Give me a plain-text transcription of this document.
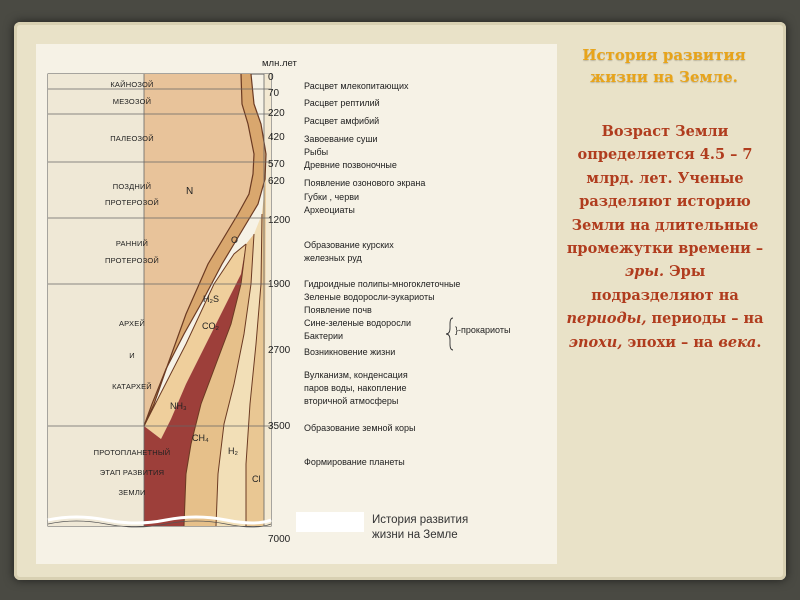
млн.лет
КАЙНОЗОЙ
МЕЗОЗОЙ
ПАЛЕОЗОЙ
ПОЗДНИЙ
ПРОТЕРОЗОЙ
РАННИЙ
ПРОТЕРОЗОЙ
АРХЕЙ
И
КАТАРХЕЙ
ПРОТОПЛАНЕТНЫЙ
ЭТАП РАЗВИТИЯ
ЗЕМЛИ
0
70
220
420
570
620
1200
1900
2700
3500
7000
Расцвет млекопитающих
Расцвет рептилий
Расцвет амфибий
Завоевание суши
Рыбы
Древние позвоночные
Появление озонового экрана
Губки , черви
Археоциаты
Образование курских
железных руд
Гидроидные полипы-многоклеточные
Зеленые водоросли-эукариоты
Появление почв
Сине-зеленые водоросли
Бактерии
Возникновение жизни
Вулканизм, конденсация
паров воды, накопление
вторичной атмосферы
Образование земной коры
Формирование планеты
}-прокариоты
N
O
H₂S
CO₂
NH₃
CH₄
H₂
Cl
История развития
жизни на Земле
История развития жизни на Земле.
Возраст Земли определяется 4.5 – 7 млрд. лет. Ученые разделяют историю Земли на длительные промежутки времени – эры. Эры подразделяют на периоды, периоды – на эпохи, эпохи – на века.
